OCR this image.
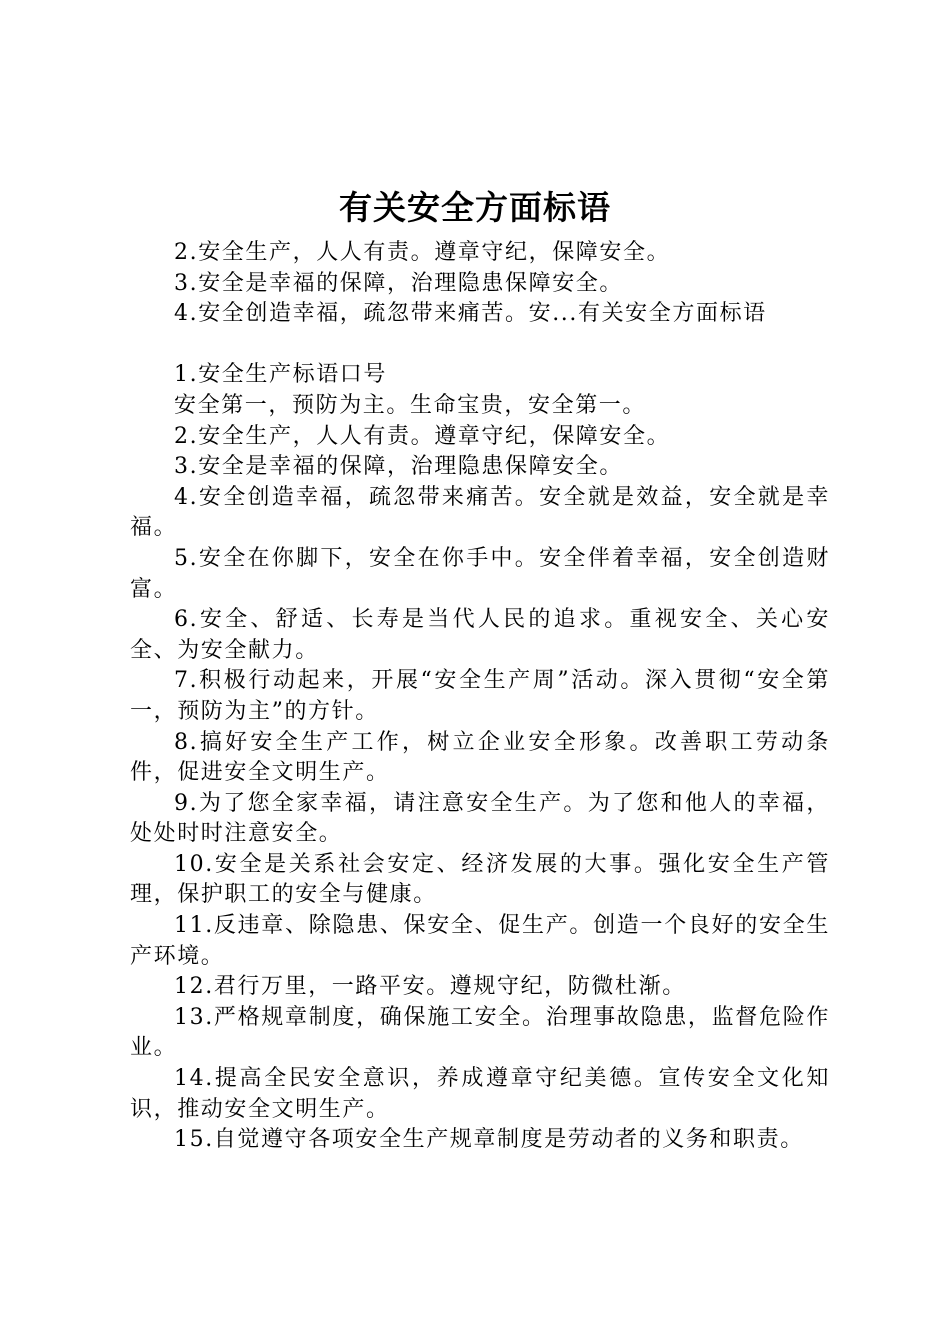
有关安全方面标语

2.安全生产，人人有责。遵章守纪，保障安全。

3.安全是幸福的保障，治理隐患保障安全。

4.安全创造幸福，疏忽带来痛苦。安...有关安全方面标语

1.安全生产标语口号

安全第一，预防为主。生命宝贵，安全第一。

2.安全生产，人人有责。遵章守纪，保障安全。

3.安全是幸福的保障，治理隐患保障安全。

4.安全创造幸福，疏忽带来痛苦。安全就是效益，安全就是幸福。

5.安全在你脚下，安全在你手中。安全伴着幸福，安全创造财富。

6.安全、舒适、长寿是当代人民的追求。重视安全、关心安全、为安全献力。

7.积极行动起来，开展“安全生产周”活动。深入贯彻“安全第一，预防为主”的方针。

8.搞好安全生产工作，树立企业安全形象。改善职工劳动条件，促进安全文明生产。

9.为了您全家幸福，请注意安全生产。为了您和他人的幸福，处处时时注意安全。

10.安全是关系社会安定、经济发展的大事。强化安全生产管理，保护职工的安全与健康。

11.反违章、除隐患、保安全、促生产。创造一个良好的安全生产环境。

12.君行万里，一路平安。遵规守纪，防微杜渐。

13.严格规章制度，确保施工安全。治理事故隐患，监督危险作业。

14.提高全民安全意识，养成遵章守纪美德。宣传安全文化知识，推动安全文明生产。

15.自觉遵守各项安全生产规章制度是劳动者的义务和职责。
